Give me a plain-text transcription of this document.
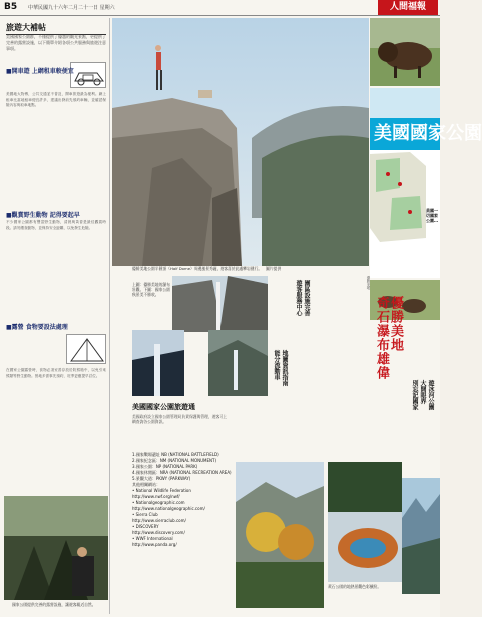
B5 中華民國九十六年二月二十一日 星期六	人間福報
旅遊大補帖
美國國家公園群，不僅提供了優越的觀光景點，更提供了完善的露營設施，以下簡單介紹各項公共服務與旅遊注意事項。
■開車遊 上網租車較便宜
美國地大物博，公共交通並不普及，開車旅遊最為便利。網上租車比當地租車便宜許多，建議出發前先預約車輛，並確認保險內容與取車地點。
■觀賞野生動物 記得要起早
不少國家公園都有豐富野生動物，清晨與黃昏是最佳觀賞時段。請勿餵食動物，並保持安全距離，以免發生危險。
■露營 食物要設法處理
在國家公園露營時，食物必須妥善存放於防熊箱中，以免引來熊類等野生動物。營地多需事先預約，旺季更應提早訂位。
國家公園提供完善的露營設施，讓遊客親近自然。
優勝美地公園半圓頂（Half Dome）周邊風景秀麗，遊客喜於此處攀岩健行。　圖片提供
美國國家公園
美國一切國家公園…
優勝美地
奇石瀑布雄偉
園區設施完善
遊客服務中心
地圖資訊指南
能分流動車
遊冰河公園
大開眼界
別忘記國家
上圖：優勝美地的瀑布壯觀。下圖：國家公園秋景美不勝收。
優勝美地
美國國家公園旅遊通
美國政府設立國家公園管理局負責保護與管理，遊客可上網查詢各公園資訊。
1.國家戰場遺址 NB (NATIONAL BATTLEFIELD)
2.國家紀念區：NM (NATIONAL MONUMENT)
3.國家公園：NP (NATIONAL PARK)
4.國家休閒區：NRA (NATIONAL RECREATION AREA)
5.景觀大道：PKWY (PARKWAY)
其他相關網站：
• National Wildlife Federation
http://www.nwf.org/nwf/
• Nationalgeographic.com
http://www.nationalgeographic.com/
• Sierra Club
http://www.sierraclub.com/
• DISCOVERY
http://www.discovery.com/
• WWF International
http://www.panda.org/
黃石公園的地熱景觀色彩繽紛。
